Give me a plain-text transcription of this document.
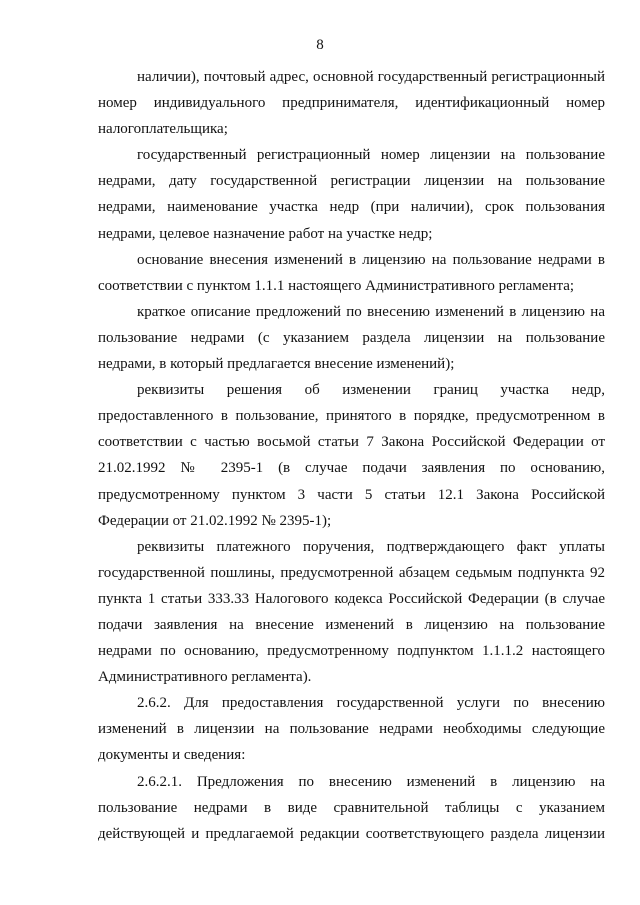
8
наличии), почтовый адрес, основной государственный регистрационный
номер индивидуального предпринимателя, идентификационный номер
налогоплательщика;
государственный регистрационный номер лицензии на пользование
недрами, дату государственной регистрации лицензии на пользование
недрами, наименование участка недр (при наличии), срок пользования
недрами, целевое назначение работ на участке недр;
основание внесения изменений в лицензию на пользование недрами в
соответствии с пунктом 1.1.1 настоящего Административного регламента;
краткое описание предложений по внесению изменений в лицензию на
пользование недрами (с указанием раздела лицензии на пользование
недрами, в который предлагается внесение изменений);
реквизиты решения об изменении границ участка недр,
предоставленного в пользование, принятого в порядке, предусмотренном в
соответствии с частью восьмой статьи 7 Закона Российской Федерации от
21.02.1992 № 2395-1 (в случае подачи заявления по основанию,
предусмотренному пунктом 3 части 5 статьи 12.1 Закона Российской
Федерации от 21.02.1992 № 2395-1);
реквизиты платежного поручения, подтверждающего факт уплаты
государственной пошлины, предусмотренной абзацем седьмым подпункта 92
пункта 1 статьи 333.33 Налогового кодекса Российской Федерации (в случае
подачи заявления на внесение изменений в лицензию на пользование
недрами по основанию, предусмотренному подпунктом 1.1.1.2 настоящего
Административного регламента).
2.6.2. Для предоставления государственной услуги по внесению
изменений в лицензии на пользование недрами необходимы следующие
документы и сведения:
2.6.2.1. Предложения по внесению изменений в лицензию на
пользование недрами в виде сравнительной таблицы с указанием
действующей и предлагаемой редакции соответствующего раздела лицензии
